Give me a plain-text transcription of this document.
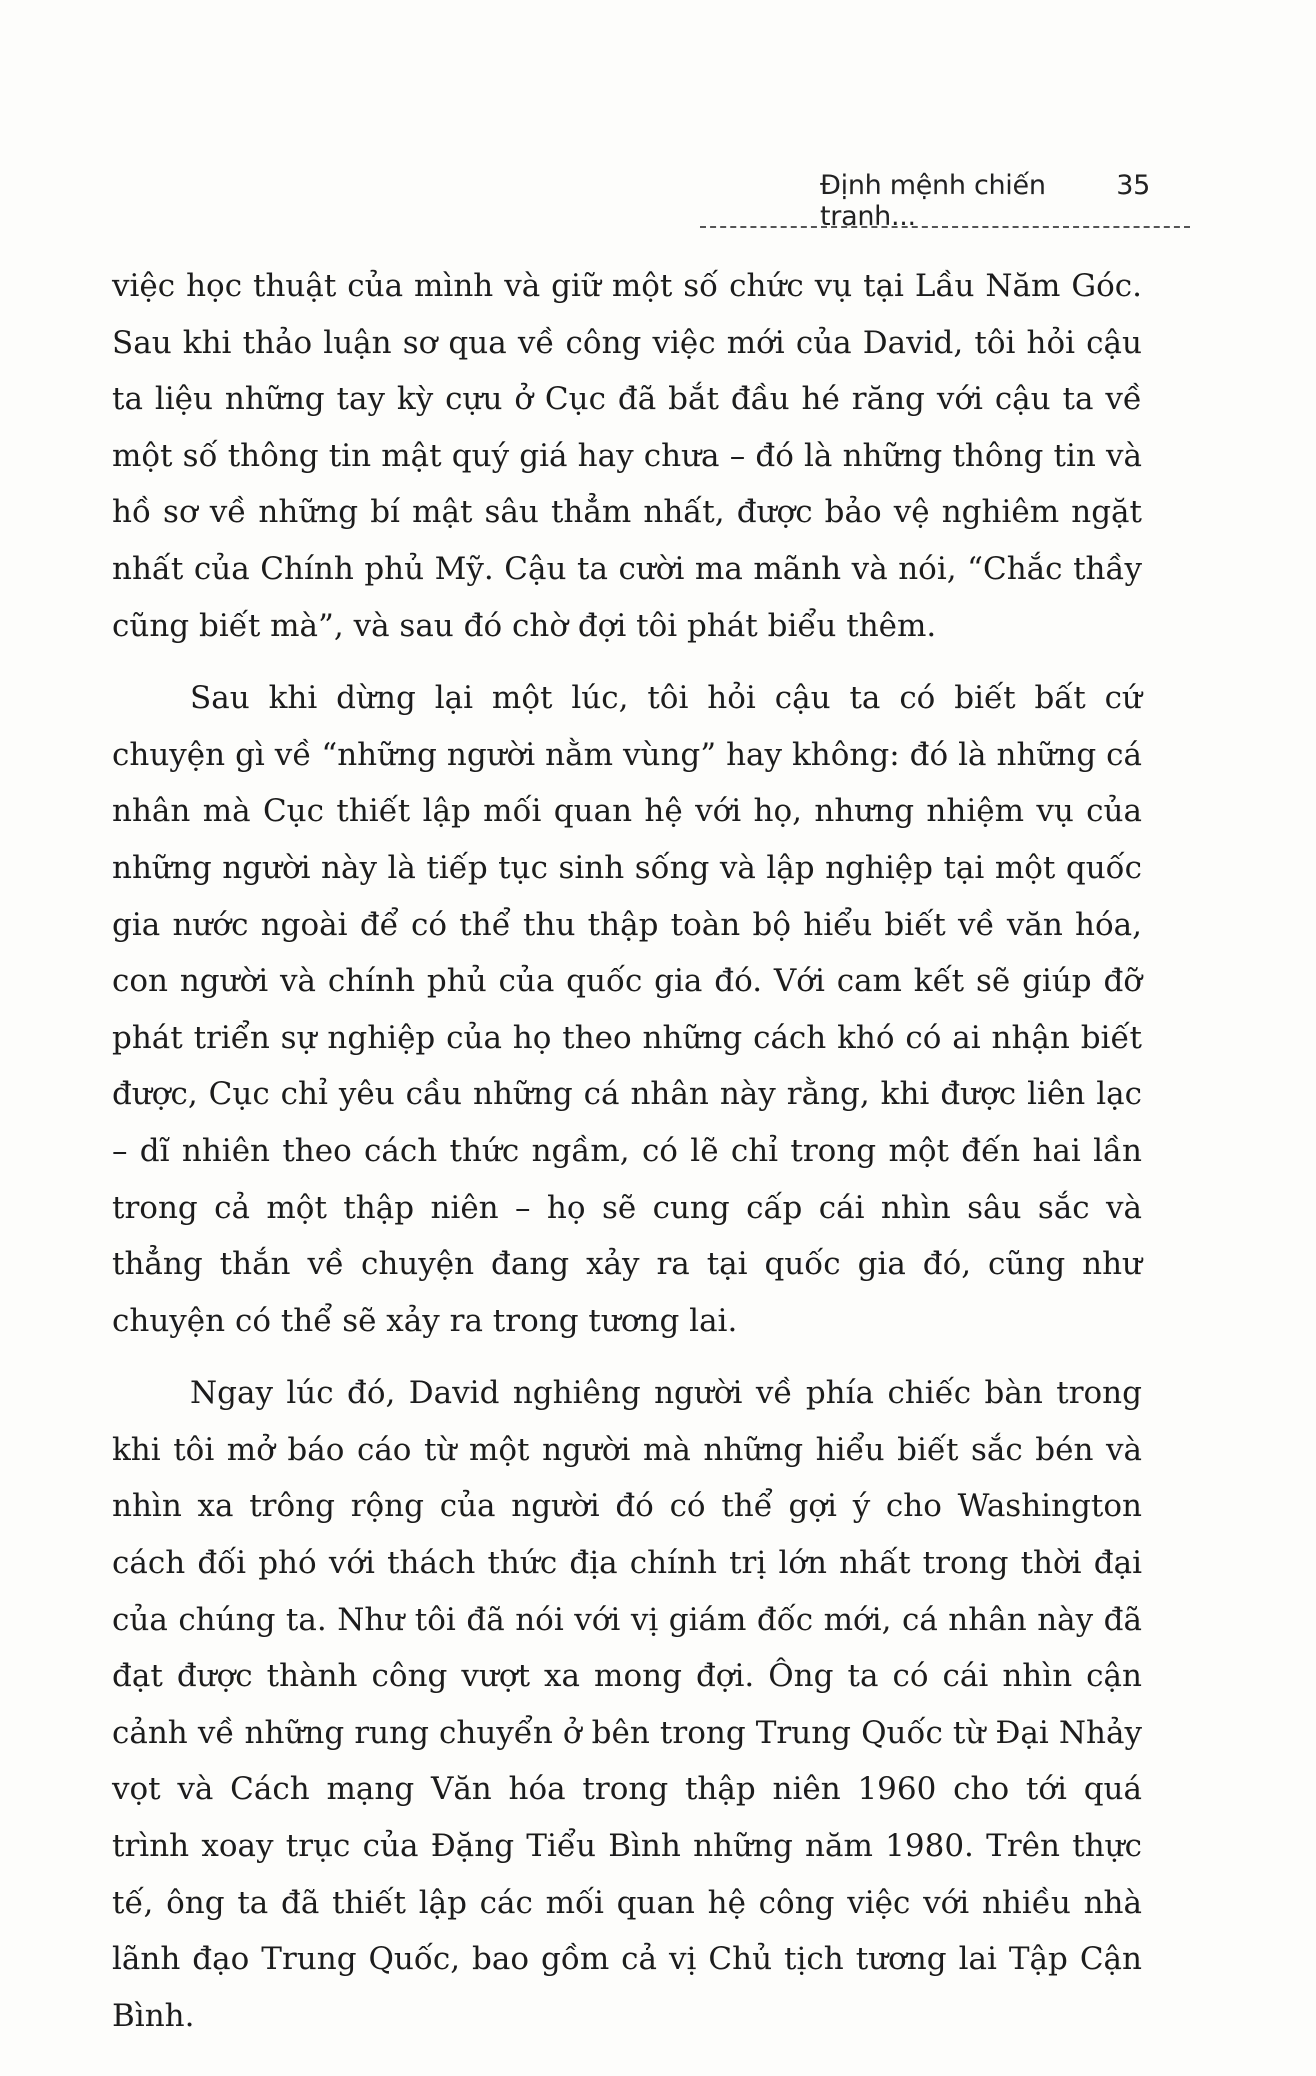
Định mệnh chiến tranh...
35

việc học thuật của mình và giữ một số chức vụ tại Lầu Năm Góc. Sau khi thảo luận sơ qua về công việc mới của David, tôi hỏi cậu ta liệu những tay kỳ cựu ở Cục đã bắt đầu hé răng với cậu ta về một số thông tin mật quý giá hay chưa – đó là những thông tin và hồ sơ về những bí mật sâu thẳm nhất, được bảo vệ nghiêm ngặt nhất của Chính phủ Mỹ. Cậu ta cười ma mãnh và nói, “Chắc thầy cũng biết mà”, và sau đó chờ đợi tôi phát biểu thêm.

Sau khi dừng lại một lúc, tôi hỏi cậu ta có biết bất cứ chuyện gì về “những người nằm vùng” hay không: đó là những cá nhân mà Cục thiết lập mối quan hệ với họ, nhưng nhiệm vụ của những người này là tiếp tục sinh sống và lập nghiệp tại một quốc gia nước ngoài để có thể thu thập toàn bộ hiểu biết về văn hóa, con người và chính phủ của quốc gia đó. Với cam kết sẽ giúp đỡ phát triển sự nghiệp của họ theo những cách khó có ai nhận biết được, Cục chỉ yêu cầu những cá nhân này rằng, khi được liên lạc – dĩ nhiên theo cách thức ngầm, có lẽ chỉ trong một đến hai lần trong cả một thập niên – họ sẽ cung cấp cái nhìn sâu sắc và thẳng thắn về chuyện đang xảy ra tại quốc gia đó, cũng như chuyện có thể sẽ xảy ra trong tương lai.

Ngay lúc đó, David nghiêng người về phía chiếc bàn trong khi tôi mở báo cáo từ một người mà những hiểu biết sắc bén và nhìn xa trông rộng của người đó có thể gợi ý cho Washington cách đối phó với thách thức địa chính trị lớn nhất trong thời đại của chúng ta. Như tôi đã nói với vị giám đốc mới, cá nhân này đã đạt được thành công vượt xa mong đợi. Ông ta có cái nhìn cận cảnh về những rung chuyển ở bên trong Trung Quốc từ Đại Nhảy vọt và Cách mạng Văn hóa trong thập niên 1960 cho tới quá trình xoay trục của Đặng Tiểu Bình những năm 1980. Trên thực tế, ông ta đã thiết lập các mối quan hệ công việc với nhiều nhà lãnh đạo Trung Quốc, bao gồm cả vị Chủ tịch tương lai Tập Cận Bình.
